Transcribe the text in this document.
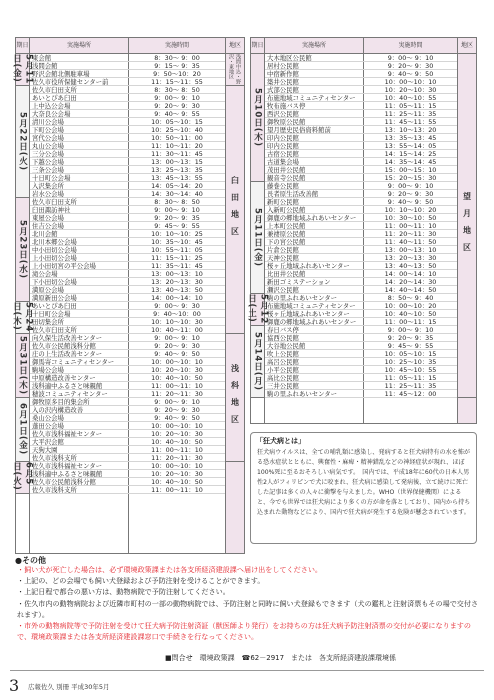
期日	実施場所	実施時間	地区
5月11日(金)	東会館	8：30～ 9：00
浅間会館	9：15～ 9：35
野沢会館北側駐車場	9：50～10：20
佐久市役所保健センター前	11：15～11：55
5月22日(火)
佐久市臼田支所	8：30～ 8：50
あいとぴあ臼田	9：00～ 9：10
上中込公会場	9：20～ 9：30
大奈良公会場	9：40～ 9：55
清川公会場	10：05～10：15
下町公会場	10：25～10：40
宮代公会場	10：50～11：00
丸山公会場	11：10～11：20
三分公会場	11：30～11：45
下越公会場	13：00～13：15
三条公会場	13：25～13：35
十日町公会場	13：45～13：55
入沢集会所	14：05～14：20
岩水公会場	14：30～14：40
5月23日(水)
佐久市臼田支所	8：30～ 8：50
臼田諏訪神社	9：00～ 9：10
東屋公会場	9：20～ 9：35
住吉公会場	9：45～ 9：55
北川会館	10：10～10：25
北川本郷公会場	10：35～10：45
中小田切公会場	10：55～11：05
上小田切公会場	11：15～11：25
上小田切宮の平公会場	11：35～11：45
滝公会場	13：00～13：10
下小田切公会場	13：20～13：30
満原公会場	13：40～13：50
満原新田公会場	14：00～14：10
5月24日(木)	あいとぴあ臼田	9：00～ 9：30
十日町公会場	9：40～10：00
田切集会所	10：10～10：30
佐久市臼田支所	10：40～11：00
5月31日(木) 向久保生活改善センター	9：00～ 9：10
佐久市公民館浅科分館	9：20～ 9：30
庄の上生活改善センター	9：40～ 9：50
御馬寄コミュニティセンター	10：00～10：10
駒場公会場	10：20～10：30
中原構造改善センター	10：40～10：50
浅科適中ふるさと味親館	11：00～11：10
穂波コミュニティセンター	11：20～11：30
6月1日(金)
御牧原多目的集会所	9：00～ 9：10
入の沢内構造改善	9：20～ 9：30
桑山公会場	9：40～ 9：50
蓬田公会場	10：00～10：10
佐久市浅科福祉センター	10：20～10：30
大平沢会館	10：40～10：50
天狗大園	11：00～11：10
佐久市浅科支所	11：20～11：30
6月5日(火)	佐久市浅科福祉センター	10：00～10：10
浅科適中ふるさと味親館	10：20～10：30
佐久市公民館浅科分館	10：40～10：50
佐久市浅科支所	11：00～11：10
浅間中込・野沢・東地区
臼田地区
浅科地区
期日	実施場所	実施時間	地区
5月10日(木)
大木地区公民館	9：00～ 9：10
居村公民館	9：20～ 9：30
中宿新作館	9：40～ 9：50
築井公民館	10：00～10：10
式部公民館	10：20～10：30
布施地域コミュニティセンター	10：40～10：55
牧布施バス停	11：05～11：15
西沢公民館	11：25～11：35
御牧原公民館	11：45～11：55
望月歴史民俗資料館前	13：10～13：20
印内公民館	13：35～13：45
印内公民館	13：55～14：05
古宿公民館	14：15～14：25
古道集会場	14：35～14：45
茂田井公民館	15：00～15：10
観音寺公民館	15：20～15：30
5月11日(金)
藤巻公民館	9：00～ 9：10
長者原生活改善館	9：20～ 9：30
新町公民館	9：40～ 9：50
入新町公民館	10：10～10：20
御鹿の郷地域ふれあいセンター	10：30～10：50
上本町公民館	11：00～11：10
兼褄原公民館	11：20～11：30
下の宮公民館	11：40～11：50
片倉公民館	13：00～13：10
天神公民館	13：20～13：30
桜ヶ丘地域ふれあいセンター	13：40～13：50
比田井公民館	14：00～14：10
新田ゴミステーション	14：20～14：30
瀬沢公民館	14：40～14：50
5月12日(土)	駒の里ふれあいセンター	8：50～ 9：40
布施地域コミュニティセンター	10：00～10：20
桜ヶ丘地域ふれあいセンター	10：40～10：50
御鹿の郷地域ふれあいセンター	11：00～11：15
5月14日(月)
春日バス停	9：00～ 9：10
協西公民館	9：20～ 9：35
大谷地公民館	9：45～ 9：55
吹上公民館	10：05～10：15
高呂公民館	10：25～10：35
小平公民館	10：45～10：55
高比公民館	11：05～11：15
三井公民館	11：25～11：35
駒の里ふれあいセンター	11：45～12：00
望月地区
「狂犬病とは」
狂犬病ウイルスは、全ての哺乳類に感染し、発病すると狂犬病特有の水を怖がる恐水症状とともに、興奮性・麻痺・精神錯乱などの神経症状が現れ、ほぼ100%死に至るおそろしい病気です。　国内では、平成18年に60代の日本人男性2人がフィリピンで犬に咬まれ、狂犬病に感染して発病後、立て続けに死亡した記事は多くの人々に衝撃を与えました。WHO（世界保健機関）によると、今でも世界では狂犬病により多くの方が命を落としており、国内から持ち込まれた動物などにより、国内で狂犬病が発生する危険が懸念されています。
●その他
・飼い犬が死亡した場合は、必ず環境政策課または各支所経済建設課へ届け出をしてください。
・上記の、どの会場でも飼い犬登録および予防注射を受けることができます。
・上記日程で都合の悪い方は、動物病院で予防注射してください。
・佐久市内の動物病院および近隣市町村の一部の動物病院では、予防注射と同時に飼い犬登録もできます（犬の鑑札と注射済票もその場で交付されます）。
・市外の動物病院等で予防注射を受けて狂犬病予防注射済証（獣医師より発行）をお持ちの方は狂犬病予防注射済票の交付が必要になりますので、環境政策課または各支所経済建設課窓口で手続きを行なってください。
■問合せ　環境政策課　☎62－2917　または　各支所経済建設課環境係
3 広報佐久 別冊 平成30年5月
